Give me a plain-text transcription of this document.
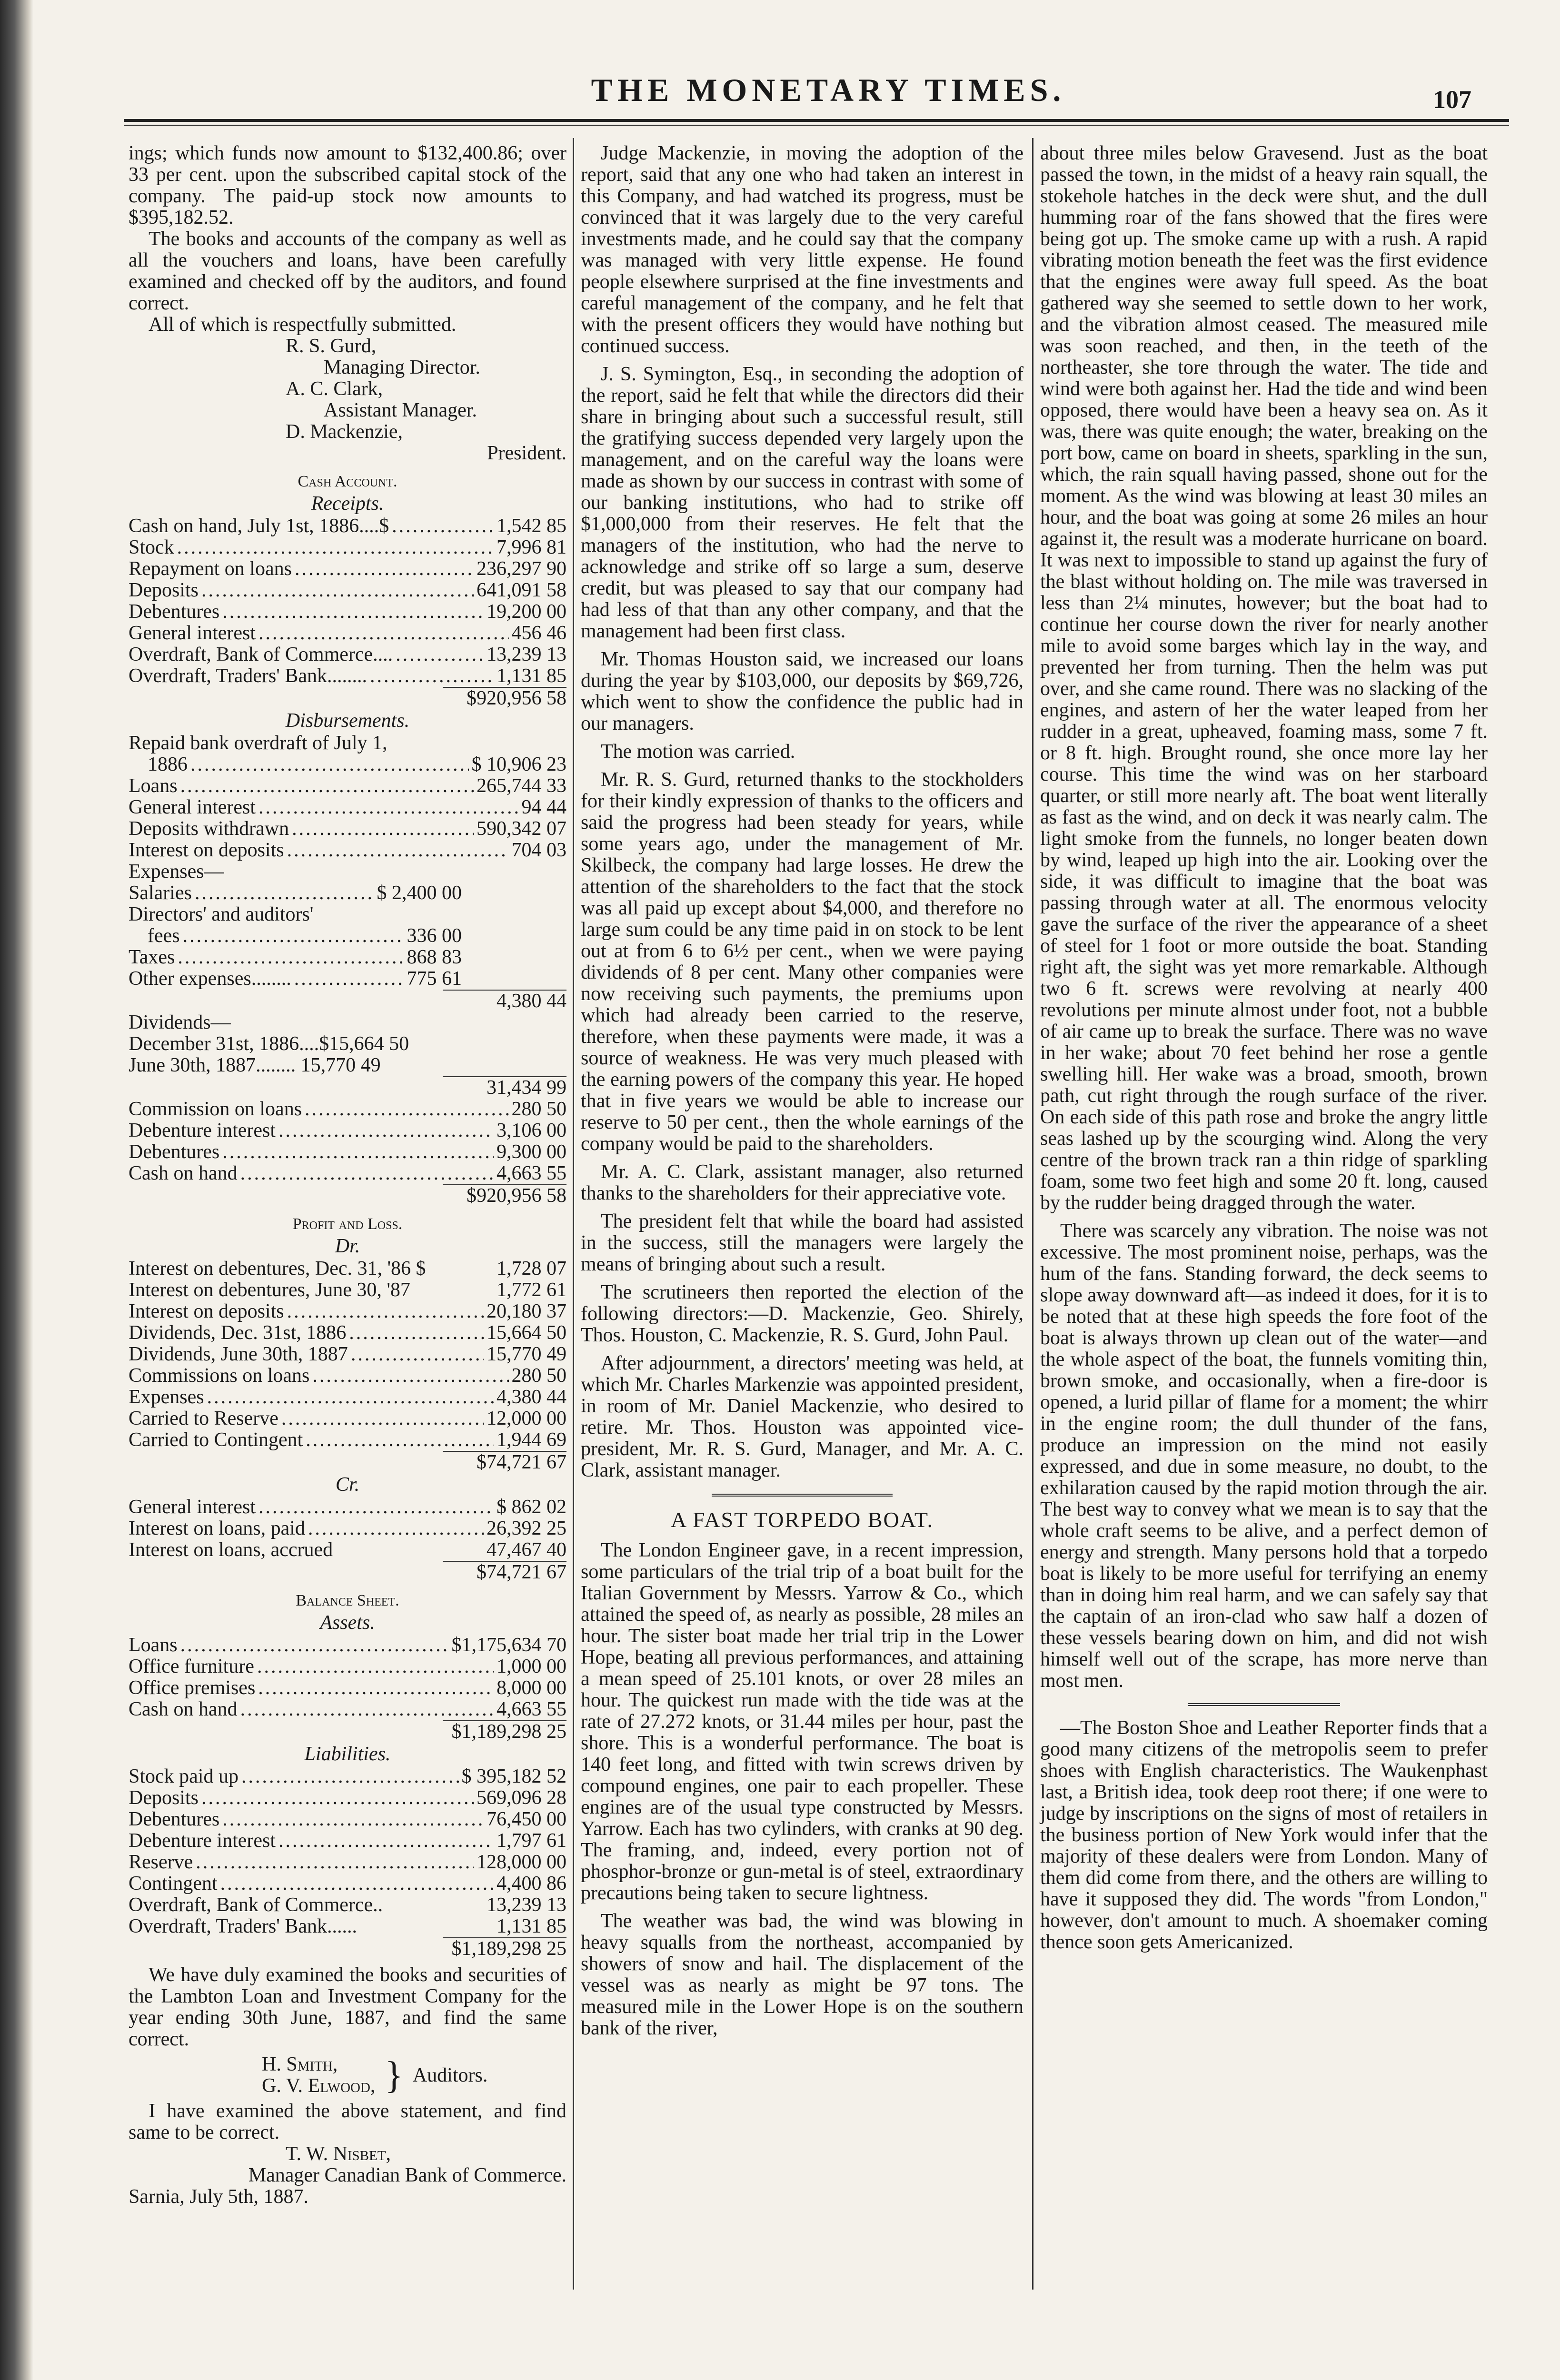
THE MONETARY TIMES.	107

ings; which funds now amount to $132,400.86; over 33 per cent. upon the subscribed capital stock of the company. The paid-up stock now amounts to $395,182.52.

The books and accounts of the company as well as all the vouchers and loans, have been carefully examined and checked off by the auditors, and found correct.

All of which is respectfully submitted.

R. S. Gurd,
Managing Director.
A. C. Clark,
Assistant Manager.
D. Mackenzie,
President.
Cash Account.
Receipts.
Cash on hand, July 1st, 1886....$ .....	1,542 85
Stock .....	7,996 81
Repayment on loans .....	236,297 90
Deposits .....	641,091 58
Debentures .....	19,200 00
General interest .....	456 46
Overdraft, Bank of Commerce.... .....	13,239 13
Overdraft, Traders' Bank........ .....	1,131 85
$920,956 58
Disbursements.
Repaid bank overdraft of July 1,
1886 .....	$ 10,906 23
Loans .....	265,744 33
General interest .....	94 44
Deposits withdrawn .....	590,342 07
Interest on deposits .....	704 03
Expenses—
Salaries .....	$ 2,400 00
Directors' and auditors'
fees .....	336 00
Taxes .....	868 83
Other expenses........ .....	775 61
4,380 44
Dividends—
December 31st, 1886....$15,664 50
June 30th, 1887........ 15,770 49
31,434 99
Commission on loans .....	280 50
Debenture interest .....	3,106 00
Debentures .....	9,300 00
Cash on hand .....	4,663 55
$920,956 58
Profit and Loss.
Dr.
Interest on debentures, Dec. 31, '86 $	1,728 07
Interest on debentures, June 30, '87	1,772 61
Interest on deposits .....	20,180 37
Dividends, Dec. 31st, 1886 .....	15,664 50
Dividends, June 30th, 1887 .....	15,770 49
Commissions on loans .....	280 50
Expenses .....	4,380 44
Carried to Reserve .....	12,000 00
Carried to Contingent .....	1,944 69
$74,721 67
Cr.
General interest .....	$ 862 02
Interest on loans, paid .....	26,392 25
Interest on loans, accrued	47,467 40
$74,721 67
Balance Sheet.
Assets.
Loans .....	$1,175,634 70
Office furniture .....	1,000 00
Office premises .....	8,000 00
Cash on hand .....	4,663 55
$1,189,298 25
Liabilities.
Stock paid up .....	$ 395,182 52
Deposits .....	569,096 28
Debentures .....	76,450 00
Debenture interest .....	1,797 61
Reserve .....	128,000 00
Contingent .....	4,400 86
Overdraft, Bank of Commerce..	13,239 13
Overdraft, Traders' Bank......	1,131 85
$1,189,298 25

We have duly examined the books and securities of the Lambton Loan and Investment Company for the year ending 30th June, 1887, and find the same correct.

H. Smith,
G. V. Elwood, } Auditors.

I have examined the above statement, and find same to be correct.

T. W. Nisbet,
Manager Canadian Bank of Commerce.
Sarnia, July 5th, 1887.

Judge Mackenzie, in moving the adoption of the report, said that any one who had taken an interest in this Company, and had watched its progress, must be convinced that it was largely due to the very careful investments made, and he could say that the company was managed with very little expense. He found people elsewhere surprised at the fine investments and careful management of the company, and he felt that with the present officers they would have nothing but continued success.

J. S. Symington, Esq., in seconding the adoption of the report, said he felt that while the directors did their share in bringing about such a successful result, still the gratifying success depended very largely upon the management, and on the careful way the loans were made as shown by our success in contrast with some of our banking institutions, who had to strike off $1,000,000 from their reserves. He felt that the managers of the institution, who had the nerve to acknowledge and strike off so large a sum, deserve credit, but was pleased to say that our company had had less of that than any other company, and that the management had been first class.

Mr. Thomas Houston said, we increased our loans during the year by $103,000, our deposits by $69,726, which went to show the confidence the public had in our managers.

The motion was carried.

Mr. R. S. Gurd, returned thanks to the stockholders for their kindly expression of thanks to the officers and said the progress had been steady for years, while some years ago, under the management of Mr. Skilbeck, the company had large losses. He drew the attention of the shareholders to the fact that the stock was all paid up except about $4,000, and therefore no large sum could be any time paid in on stock to be lent out at from 6 to 6½ per cent., when we were paying dividends of 8 per cent. Many other companies were now receiving such payments, the premiums upon which had already been carried to the reserve, therefore, when these payments were made, it was a source of weakness. He was very much pleased with the earning powers of the company this year. He hoped that in five years we would be able to increase our reserve to 50 per cent., then the whole earnings of the company would be paid to the shareholders.

Mr. A. C. Clark, assistant manager, also returned thanks to the shareholders for their appreciative vote.

The president felt that while the board had assisted in the success, still the managers were largely the means of bringing about such a result.

The scrutineers then reported the election of the following directors:—D. Mackenzie, Geo. Shirely, Thos. Houston, C. Mackenzie, R. S. Gurd, John Paul.

After adjournment, a directors' meeting was held, at which Mr. Charles Markenzie was appointed president, in room of Mr. Daniel Mackenzie, who desired to retire. Mr. Thos. Houston was appointed vice-president, Mr. R. S. Gurd, Manager, and Mr. A. C. Clark, assistant manager.

A FAST TORPEDO BOAT.

The London Engineer gave, in a recent impression, some particulars of the trial trip of a boat built for the Italian Government by Messrs. Yarrow & Co., which attained the speed of, as nearly as possible, 28 miles an hour. The sister boat made her trial trip in the Lower Hope, beating all previous performances, and attaining a mean speed of 25.101 knots, or over 28 miles an hour. The quickest run made with the tide was at the rate of 27.272 knots, or 31.44 miles per hour, past the shore. This is a wonderful performance. The boat is 140 feet long, and fitted with twin screws driven by compound engines, one pair to each propeller. These engines are of the usual type constructed by Messrs. Yarrow. Each has two cylinders, with cranks at 90 deg. The framing, and, indeed, every portion not of phosphor-bronze or gun-metal is of steel, extraordinary precautions being taken to secure lightness.

The weather was bad, the wind was blowing in heavy squalls from the northeast, accompanied by showers of snow and hail. The displacement of the vessel was as nearly as might be 97 tons. The measured mile in the Lower Hope is on the southern bank of the river,

about three miles below Gravesend. Just as the boat passed the town, in the midst of a heavy rain squall, the stokehole hatches in the deck were shut, and the dull humming roar of the fans showed that the fires were being got up. The smoke came up with a rush. A rapid vibrating motion beneath the feet was the first evidence that the engines were away full speed. As the boat gathered way she seemed to settle down to her work, and the vibration almost ceased. The measured mile was soon reached, and then, in the teeth of the northeaster, she tore through the water. The tide and wind were both against her. Had the tide and wind been opposed, there would have been a heavy sea on. As it was, there was quite enough; the water, breaking on the port bow, came on board in sheets, sparkling in the sun, which, the rain squall having passed, shone out for the moment. As the wind was blowing at least 30 miles an hour, and the boat was going at some 26 miles an hour against it, the result was a moderate hurricane on board. It was next to impossible to stand up against the fury of the blast without holding on. The mile was traversed in less than 2¼ minutes, however; but the boat had to continue her course down the river for nearly another mile to avoid some barges which lay in the way, and prevented her from turning. Then the helm was put over, and she came round. There was no slacking of the engines, and astern of her the water leaped from her rudder in a great, upheaved, foaming mass, some 7 ft. or 8 ft. high. Brought round, she once more lay her course. This time the wind was on her starboard quarter, or still more nearly aft. The boat went literally as fast as the wind, and on deck it was nearly calm. The light smoke from the funnels, no longer beaten down by wind, leaped up high into the air. Looking over the side, it was difficult to imagine that the boat was passing through water at all. The enormous velocity gave the surface of the river the appearance of a sheet of steel for 1 foot or more outside the boat. Standing right aft, the sight was yet more remarkable. Although two 6 ft. screws were revolving at nearly 400 revolutions per minute almost under foot, not a bubble of air came up to break the surface. There was no wave in her wake; about 70 feet behind her rose a gentle swelling hill. Her wake was a broad, smooth, brown path, cut right through the rough surface of the river. On each side of this path rose and broke the angry little seas lashed up by the scourging wind. Along the very centre of the brown track ran a thin ridge of sparkling foam, some two feet high and some 20 ft. long, caused by the rudder being dragged through the water.

There was scarcely any vibration. The noise was not excessive. The most prominent noise, perhaps, was the hum of the fans. Standing forward, the deck seems to slope away downward aft—as indeed it does, for it is to be noted that at these high speeds the fore foot of the boat is always thrown up clean out of the water—and the whole aspect of the boat, the funnels vomiting thin, brown smoke, and occasionally, when a fire-door is opened, a lurid pillar of flame for a moment; the whirr in the engine room; the dull thunder of the fans, produce an impression on the mind not easily expressed, and due in some measure, no doubt, to the exhilaration caused by the rapid motion through the air. The best way to convey what we mean is to say that the whole craft seems to be alive, and a perfect demon of energy and strength. Many persons hold that a torpedo boat is likely to be more useful for terrifying an enemy than in doing him real harm, and we can safely say that the captain of an iron-clad who saw half a dozen of these vessels bearing down on him, and did not wish himself well out of the scrape, has more nerve than most men.

—The Boston Shoe and Leather Reporter finds that a good many citizens of the metropolis seem to prefer shoes with English characteristics. The Waukenphast last, a British idea, took deep root there; if one were to judge by inscriptions on the signs of most of retailers in the business portion of New York would infer that the majority of these dealers were from London. Many of them did come from there, and the others are willing to have it supposed they did. The words "from London," however, don't amount to much. A shoemaker coming thence soon gets Americanized.
